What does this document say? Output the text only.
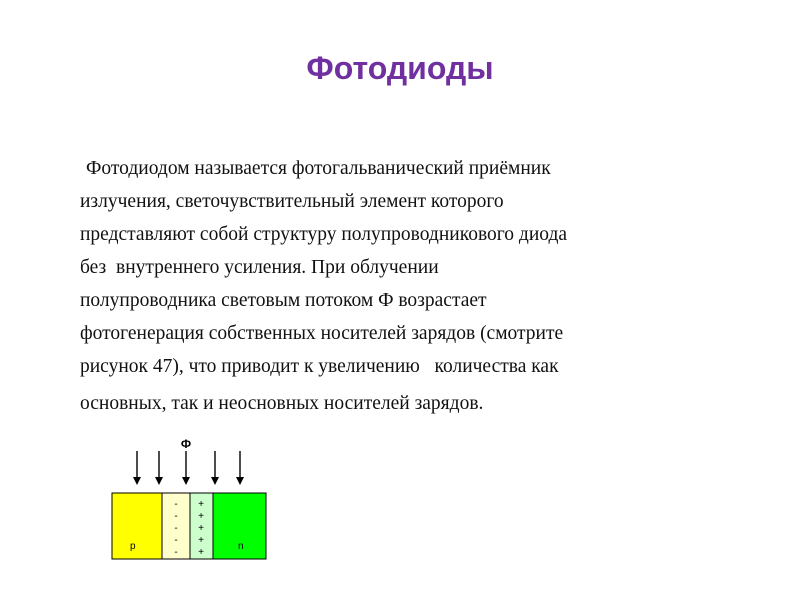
Фотодиоды

Фотодиодом называется фотогальванический приёмник
излучения, светочувствительный элемент которого
представляют собой структуру полупроводникового диода
без  внутреннего усиления. При облучении
полупроводника световым потоком Ф возрастает
фотогенерация собственных носителей зарядов (смотрите
рисунок 47), что приводит к увеличению   количества как
основных, так и неосновных носителей зарядов.

Ф
-
-
-
-
-
+
+
+
+
+
p	n
